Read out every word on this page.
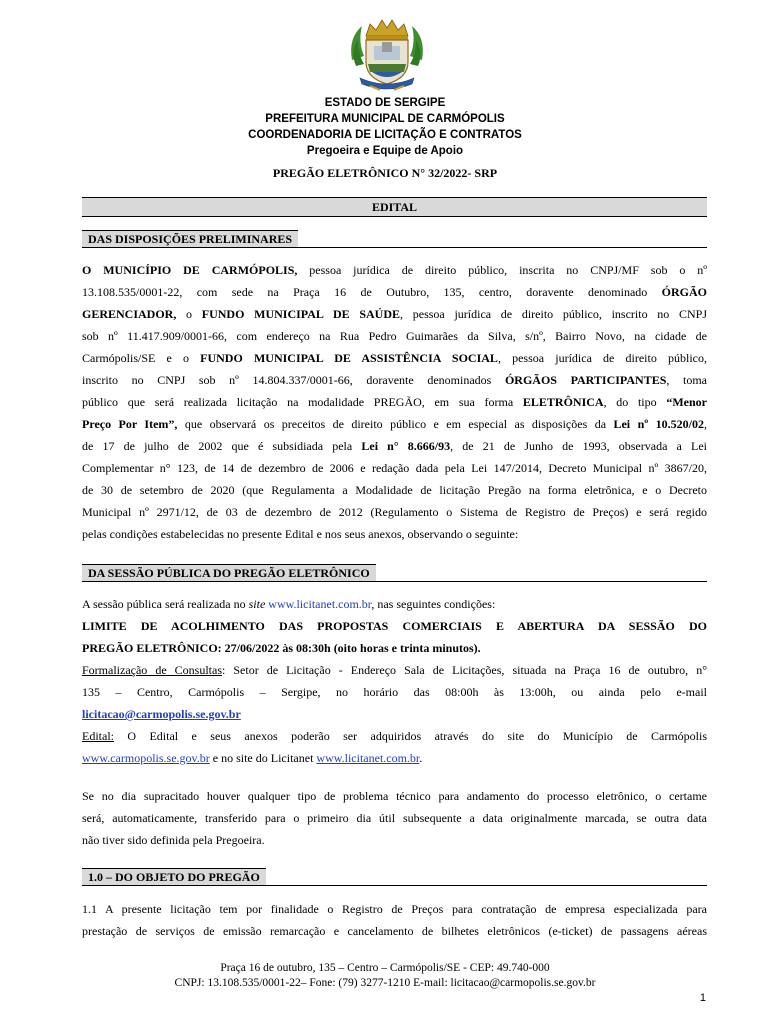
ESTADO DE SERGIPE
PREFEITURA MUNICIPAL DE CARMÓPOLIS
COORDENADORIA DE LICITAÇÃO E CONTRATOS
Pregoeira e Equipe de Apoio
PREGÃO ELETRÔNICO N° 32/2022- SRP
EDITAL
DAS DISPOSIÇÕES PRELIMINARES
O MUNICÍPIO DE CARMÓPOLIS, pessoa jurídica de direito público, inscrita no CNPJ/MF sob o nº
13.108.535/0001-22, com sede na Praça 16 de Outubro, 135, centro, doravente denominado ÓRGÃO
GERENCIADOR, o FUNDO MUNICIPAL DE SAÚDE, pessoa jurídica de direito público, inscrito no CNPJ
sob nº 11.417.909/0001-66, com endereço na Rua Pedro Guimarães da Silva, s/nº, Bairro Novo, na cidade de
Carmópolis/SE e o FUNDO MUNICIPAL DE ASSISTÊNCIA SOCIAL, pessoa jurídica de direito público,
inscrito no CNPJ sob nº 14.804.337/0001-66, doravente denominados ÓRGÃOS PARTICIPANTES, toma
público que será realizada licitação na modalidade PREGÃO, em sua forma ELETRÔNICA, do tipo “Menor
Preço Por Item”, que observará os preceitos de direito público e em especial as disposições da Lei nº 10.520/02,
de 17 de julho de 2002 que é subsidiada pela Lei n° 8.666/93, de 21 de Junho de 1993, observada a Lei
Complementar n° 123, de 14 de dezembro de 2006 e redação dada pela Lei 147/2014, Decreto Municipal nº 3867/20,
de 30 de setembro de 2020 (que Regulamenta a Modalidade de licitação Pregão na forma eletrônica, e o Decreto
Municipal nº 2971/12, de 03 de dezembro de 2012 (Regulamento o Sistema de Registro de Preços) e será regido
pelas condições estabelecidas no presente Edital e nos seus anexos, observando o seguinte:
DA SESSÃO PÚBLICA DO PREGÃO ELETRÔNICO
A sessão pública será realizada no site www.licitanet.com.br, nas seguintes condições:
LIMITE DE ACOLHIMENTO DAS PROPOSTAS COMERCIAIS E ABERTURA DA SESSÃO DO
PREGÃO ELETRÔNICO: 27/06/2022 às 08:30h (oito horas e trinta minutos).
Formalização de Consultas: Setor de Licitação - Endereço Sala de Licitações, situada na Praça 16 de outubro, n°
135 – Centro, Carmópolis – Sergipe, no horário das 08:00h às 13:00h, ou ainda pelo e-mail
licitacao@carmopolis.se.gov.br
Edital: O Edital e seus anexos poderão ser adquiridos através do site do Município de Carmópolis
www.carmopolis.se.gov.br e no site do Licitanet www.licitanet.com.br.
Se no dia supracitado houver qualquer tipo de problema técnico para andamento do processo eletrônico, o certame
será, automaticamente, transferido para o primeiro dia útil subsequente a data originalmente marcada, se outra data
não tiver sido definida pela Pregoeira.
1.0 – DO OBJETO DO PREGÃO
1.1 A presente licitação tem por finalidade o Registro de Preços para contratação de empresa especializada para
prestação de serviços de emissão remarcação e cancelamento de bilhetes eletrônicos (e-ticket) de passagens aéreas
Praça 16 de outubro, 135 – Centro – Carmópolis/SE - CEP: 49.740-000
CNPJ: 13.108.535/0001-22– Fone: (79) 3277-1210 E-mail: licitacao@carmopolis.se.gov.br
1
